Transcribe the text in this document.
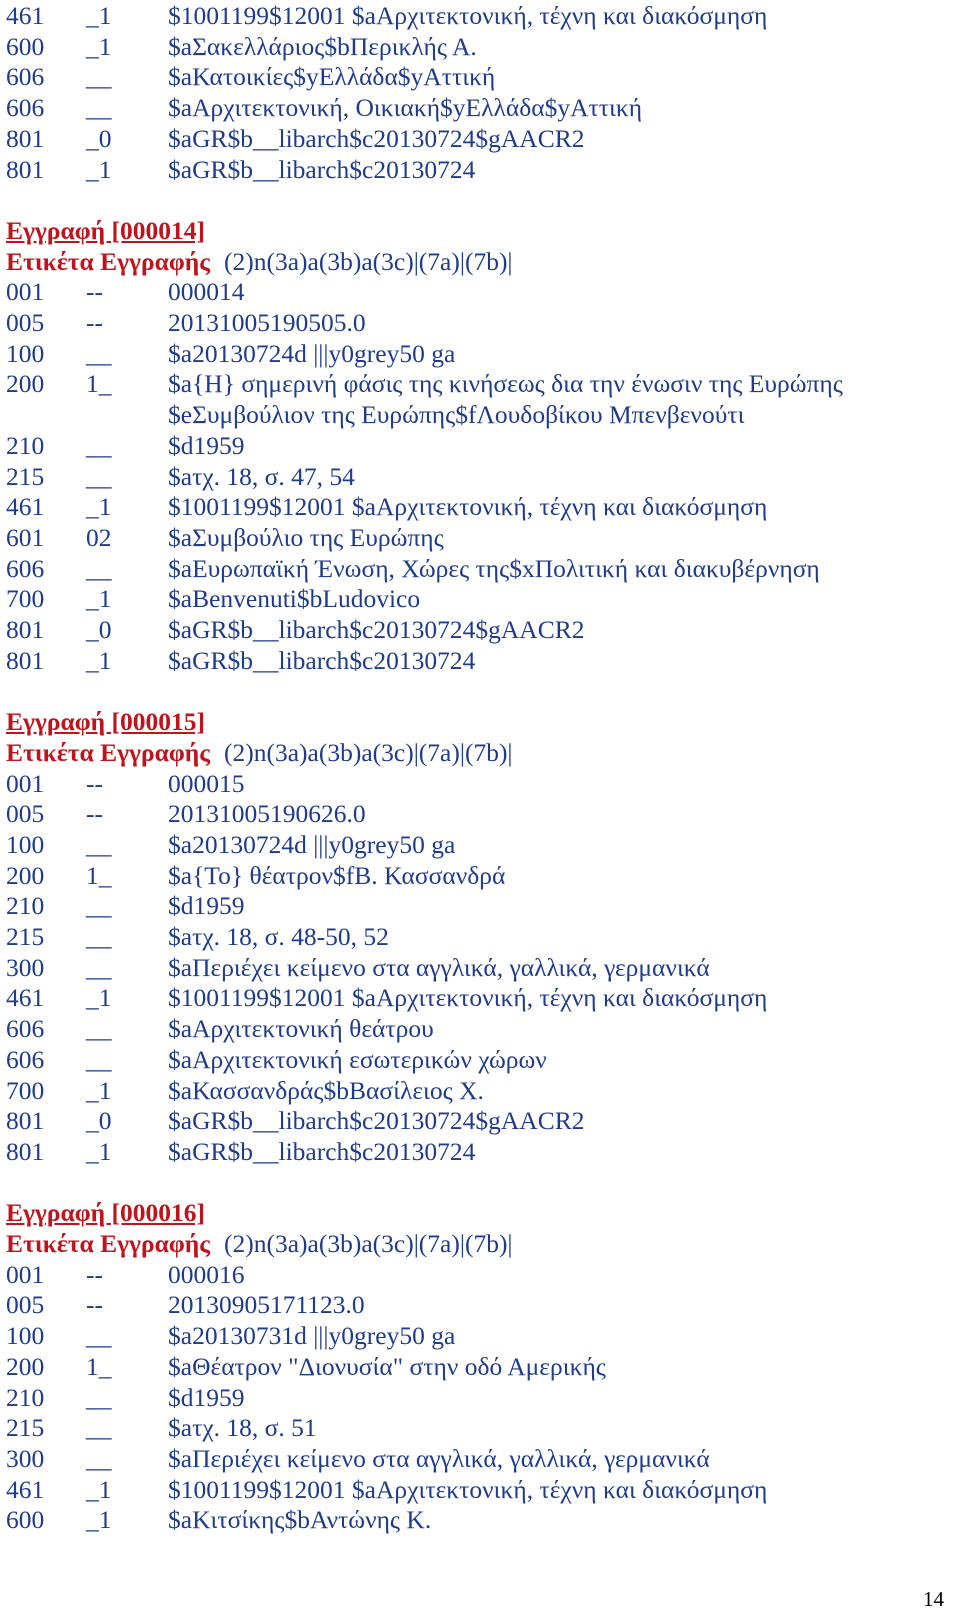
461	_1	$1001199$12001 $aΑρχιτεκτονική, τέχνη και διακόσμηση
600	_1	$aΣακελλάριος$bΠερικλής Α.
606	__	$aΚατοικίες$yΕλλάδα$yΑττική
606	__	$aΑρχιτεκτονική, Οικιακή$yΕλλάδα$yΑττική
801	_0	$aGR$b__libarch$c20130724$gAACR2
801	_1	$aGR$b__libarch$c20130724
Εγγραφή [000014]
Ετικέτα Εγγραφής (2)n(3a)a(3b)a(3c)|(7a)|(7b)|
001	--	000014
005	--	20131005190505.0
100	__	$a20130724d |||y0grey50 ga
200	1_	$a{Η} σημερινή φάσις της κινήσεως δια την ένωσιν της Ευρώπης
$eΣυμβούλιον της Ευρώπης$fΛουδοβίκου Μπενβενούτι
210	__	$d1959
215	__	$aτχ. 18, σ. 47, 54
461	_1	$1001199$12001 $aΑρχιτεκτονική, τέχνη και διακόσμηση
601	02	$aΣυμβούλιο της Ευρώπης
606	__	$aΕυρωπαϊκή Ένωση, Χώρες της$xΠολιτική και διακυβέρνηση
700	_1	$aBenvenuti$bLudovico
801	_0	$aGR$b__libarch$c20130724$gAACR2
801	_1	$aGR$b__libarch$c20130724
Εγγραφή [000015]
Ετικέτα Εγγραφής (2)n(3a)a(3b)a(3c)|(7a)|(7b)|
001	--	000015
005	--	20131005190626.0
100	__	$a20130724d |||y0grey50 ga
200	1_	$a{Το} θέατρον$fΒ. Κασσανδρά
210	__	$d1959
215	__	$aτχ. 18, σ. 48-50, 52
300	__	$aΠεριέχει κείμενο στα αγγλικά, γαλλικά, γερμανικά
461	_1	$1001199$12001 $aΑρχιτεκτονική, τέχνη και διακόσμηση
606	__	$aΑρχιτεκτονική θεάτρου
606	__	$aΑρχιτεκτονική εσωτερικών χώρων
700	_1	$aΚασσανδράς$bΒασίλειος Χ.
801	_0	$aGR$b__libarch$c20130724$gAACR2
801	_1	$aGR$b__libarch$c20130724
Εγγραφή [000016]
Ετικέτα Εγγραφής (2)n(3a)a(3b)a(3c)|(7a)|(7b)|
001	--	000016
005	--	20130905171123.0
100	__	$a20130731d |||y0grey50 ga
200	1_	$aΘέατρον "Διονυσία" στην οδό Αμερικής
210	__	$d1959
215	__	$aτχ. 18, σ. 51
300	__	$aΠεριέχει κείμενο στα αγγλικά, γαλλικά, γερμανικά
461	_1	$1001199$12001 $aΑρχιτεκτονική, τέχνη και διακόσμηση
600	_1	$aΚιτσίκης$bΑντώνης Κ.
14
